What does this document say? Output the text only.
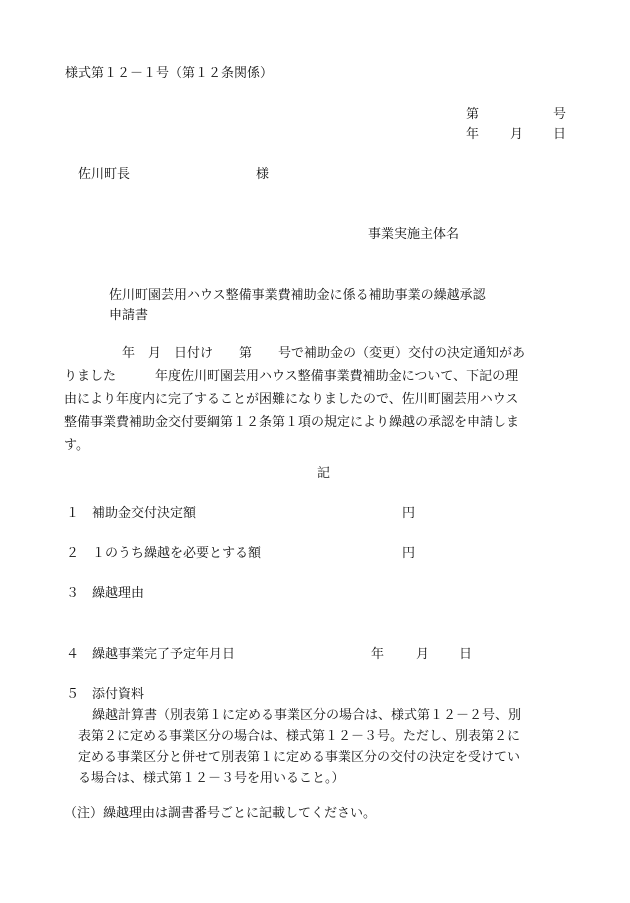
様式第１２－１号（第１２条関係）
第	号
年 月 日
佐川町長	様
事業実施主体名
佐川町園芸用ハウス整備事業費補助金に係る補助事業の繰越承認
申請書
年　月　日付け　　第　　号で補助金の（変更）交付の決定通知があ
りました　　　年度佐川町園芸用ハウス整備事業費補助金について、下記の理
由により年度内に完了することが困難になりましたので、佐川町園芸用ハウス
整備事業費補助金交付要綱第１２条第１項の規定により繰越の承認を申請しま
す。
記
１ 補助金交付決定額	円
２ １のうち繰越を必要とする額	円
３ 繰越理由
４ 繰越事業完了予定年月日	年 月 日
５ 添付資料
繰越計算書（別表第１に定める事業区分の場合は、様式第１２－２号、別
表第２に定める事業区分の場合は、様式第１２－３号。ただし、別表第２に
定める事業区分と併せて別表第１に定める事業区分の交付の決定を受けてい
る場合は、様式第１２－３号を用いること。）
（注）繰越理由は調書番号ごとに記載してください。
